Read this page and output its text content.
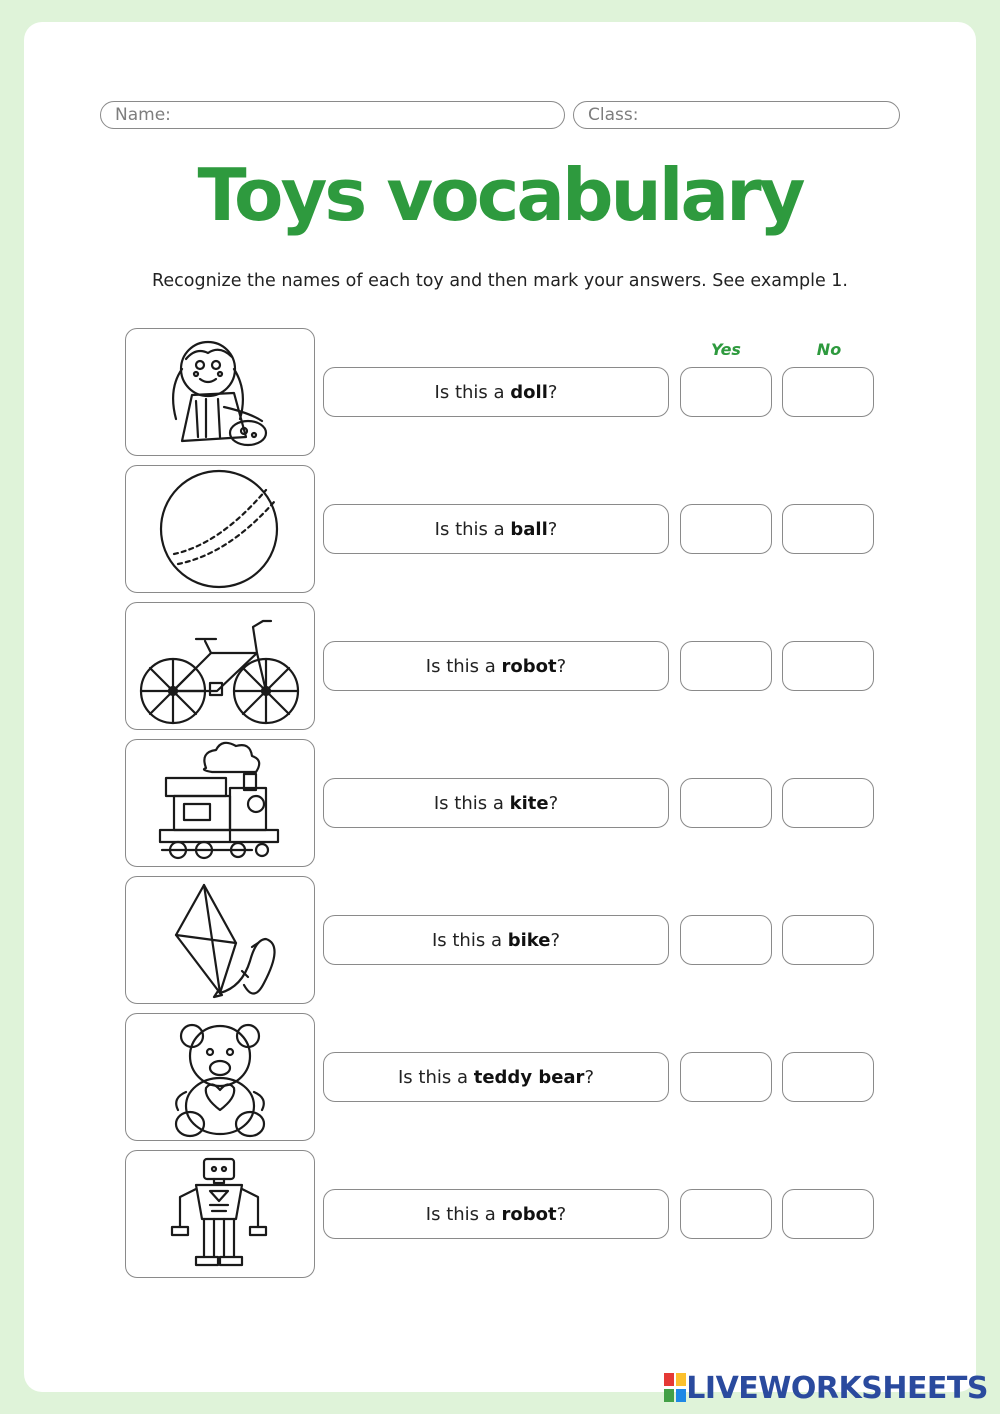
Name:	Class:
Toys vocabulary
Recognize the names of each toy and then mark your answers. See example 1.
Yes	No
Is this a doll ?
Is this a ball ?
Is this a robot ?
Is this a kite ?
Is this a bike ?
Is this a teddy bear ?
Is this a robot ?
LIVEWORKSHEETS
